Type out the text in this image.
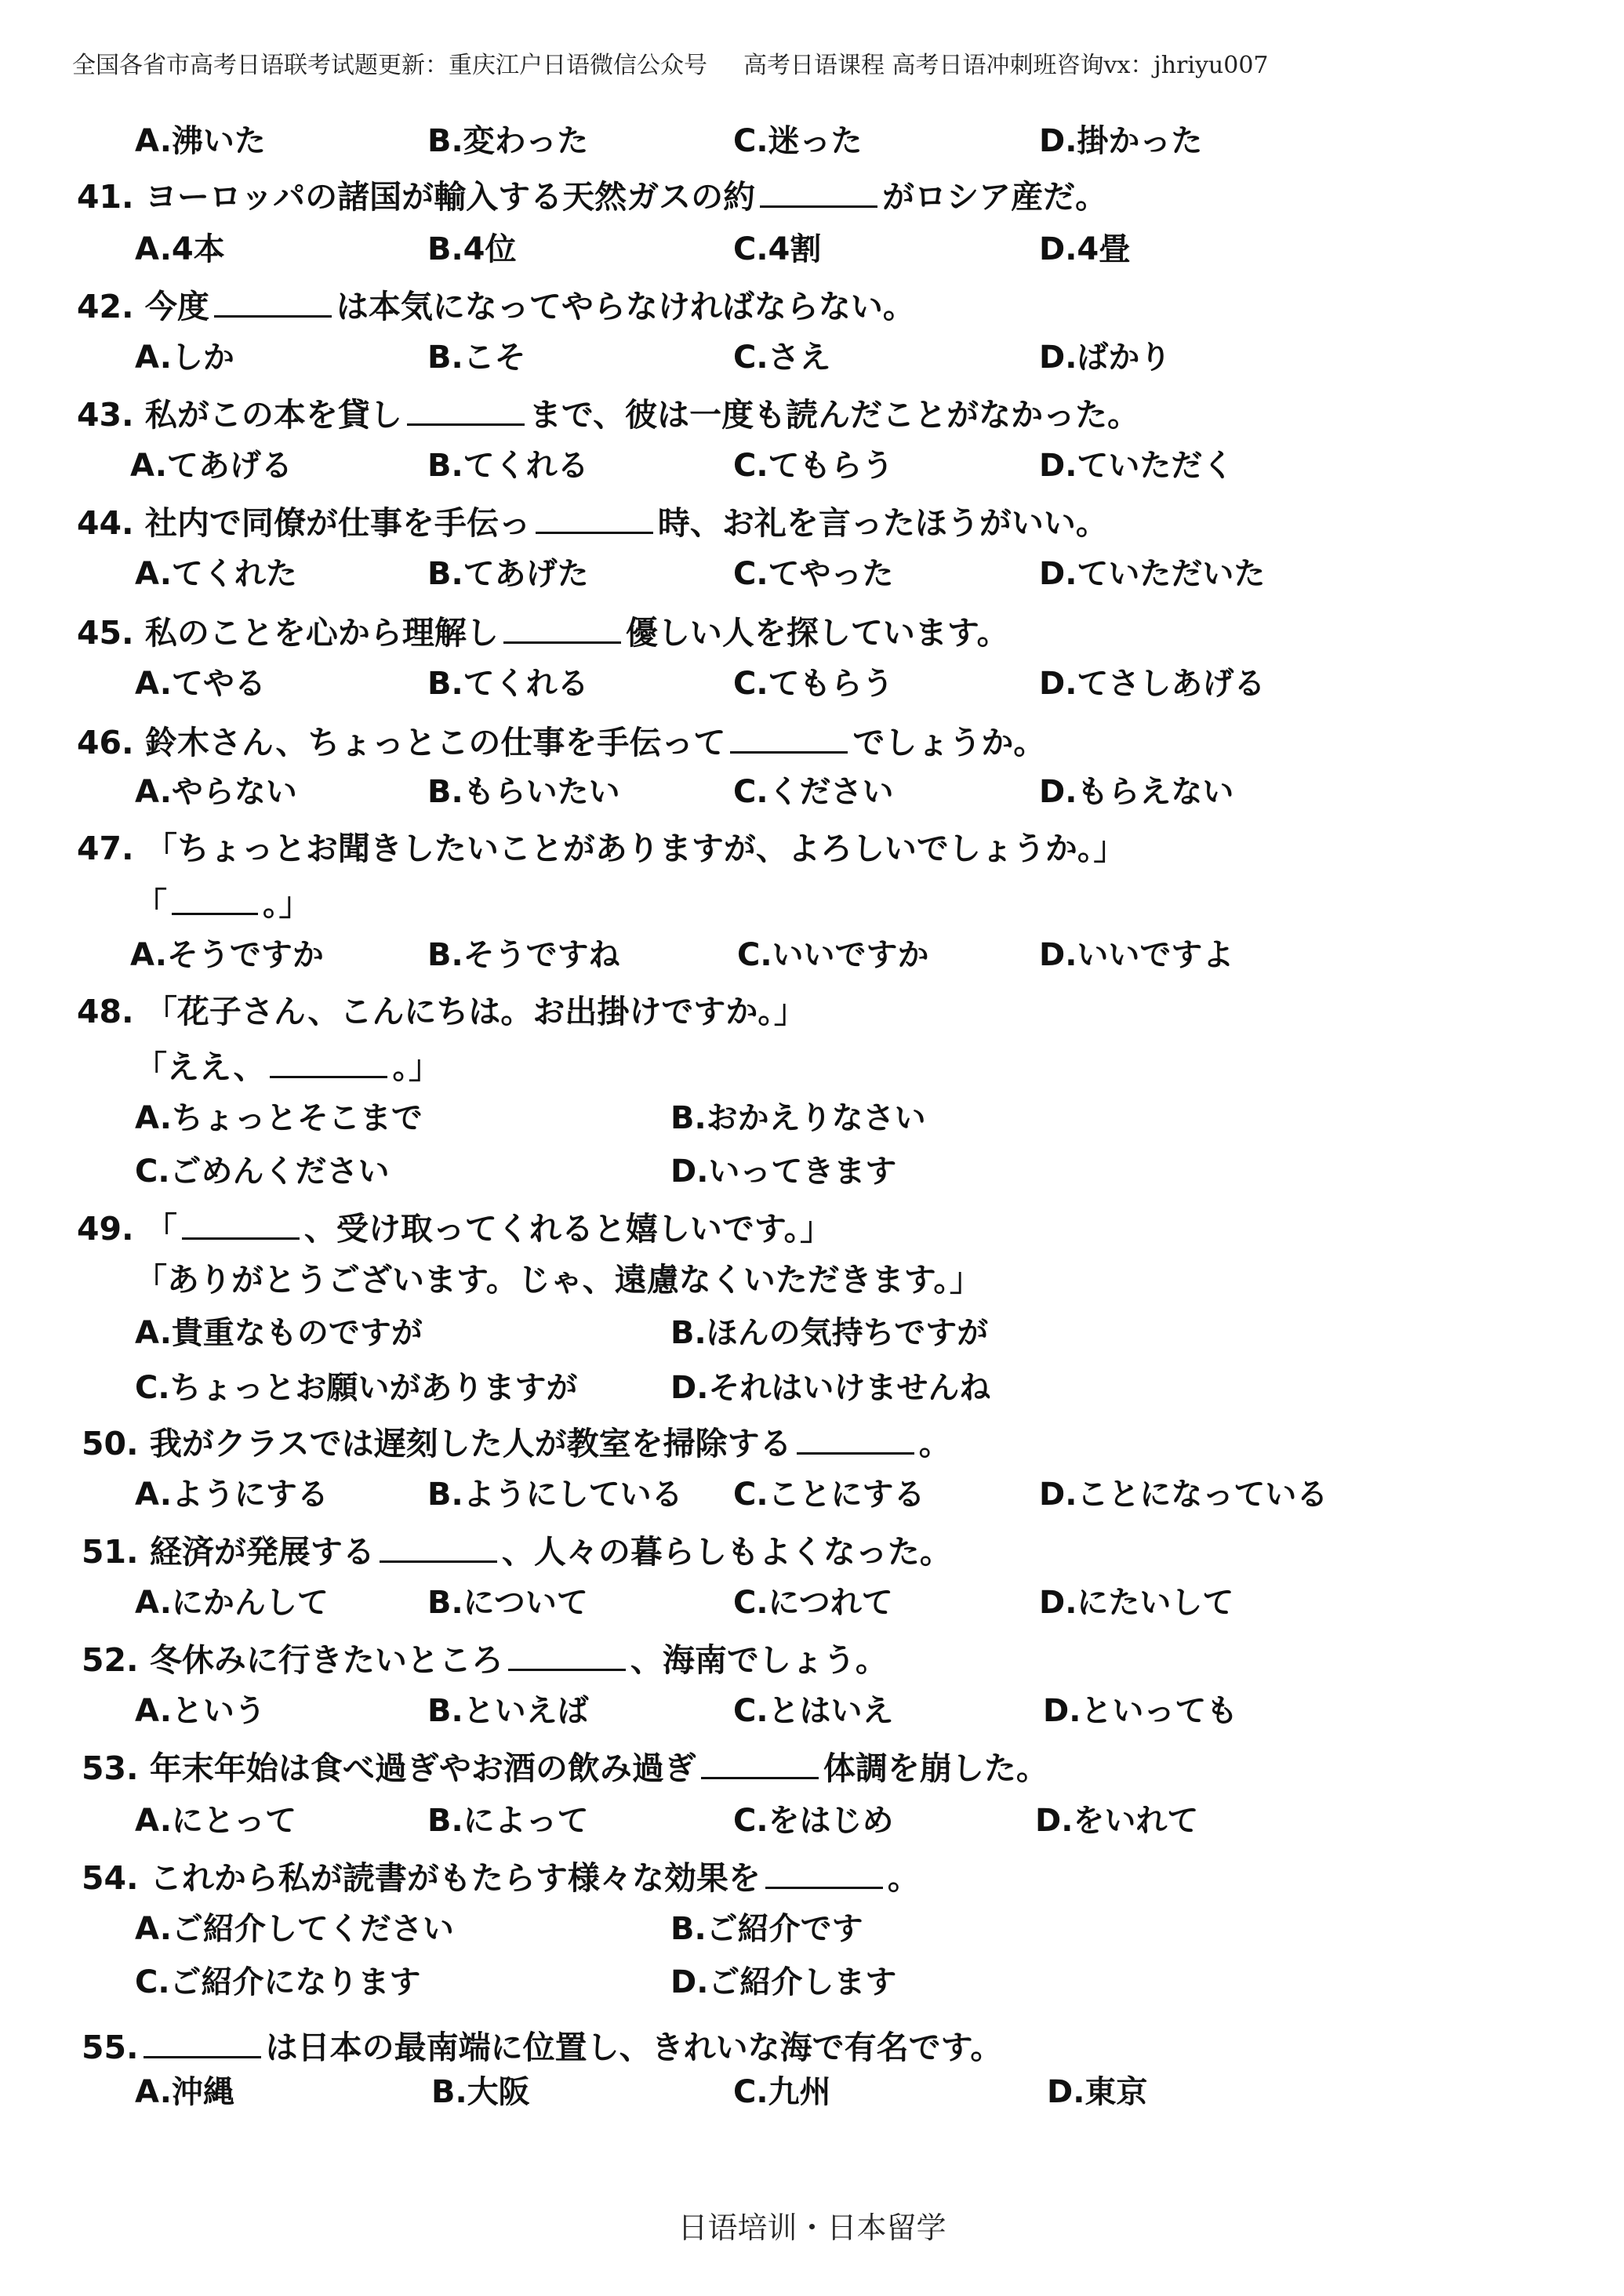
全国各省市高考日语联考试题更新：重庆江户日语微信公众号 高考日语课程 高考日语冲刺班咨询vx：jhriyu007
A.沸いた	B.変わった	C.迷った	D.掛かった
41. ヨーロッパの諸国が輸入する天然ガスの約	がロシア産だ。
A.4本	B.4位	C.4割	D.4畳
42. 今度	は本気になってやらなければならない。
A.しか	B.こそ	C.さえ	D.ばかり
43. 私がこの本を貸し	まで、彼は一度も読んだことがなかった。
A.てあげる	B.てくれる	C.てもらう	D.ていただく
44. 社内で同僚が仕事を手伝っ	時、お礼を言ったほうがいい。
A.てくれた	B.てあげた	C.てやった	D.ていただいた
45. 私のことを心から理解し	優しい人を探しています。
A.てやる	B.てくれる	C.てもらう	D.てさしあげる
46. 鈴木さん、ちょっとこの仕事を手伝って	でしょうか。
A.やらない	B.もらいたい	C.ください	D.もらえない
47. 「ちょっとお聞きしたいことがありますが、よろしいでしょうか。」
「	。」
A.そうですか	B.そうですね	C.いいですか	D.いいですよ
48. 「花子さん、こんにちは。お出掛けですか。」
「ええ、	。」
A.ちょっとそこまで	B.おかえりなさい
C.ごめんください	D.いってきます
49. 「	、受け取ってくれると嬉しいです。」
「ありがとうございます。じゃ、遠慮なくいただきます。」
A.貴重なものですが	B.ほんの気持ちですが
C.ちょっとお願いがありますが	D.それはいけませんね
50. 我がクラスでは遅刻した人が教室を掃除する	。
A.ようにする	B.ようにしている C.ことにする	D.ことになっている
51. 経済が発展する	、人々の暮らしもよくなった。
A.にかんして	B.について	C.につれて	D.にたいして
52. 冬休みに行きたいところ	、海南でしょう。
A.という	B.といえば	C.とはいえ	D.といっても
53. 年末年始は食べ過ぎやお酒の飲み過ぎ	体調を崩した。
A.にとって	B.によって	C.をはじめ	D.をいれて
54. これから私が読書がもたらす様々な効果を	。
A.ご紹介してください	B.ご紹介です
C.ご紹介になります	D.ご紹介します
55.	は日本の最南端に位置し、きれいな海で有名です。
A.沖縄	B.大阪	C.九州	D.東京
日语培训・日本留学
